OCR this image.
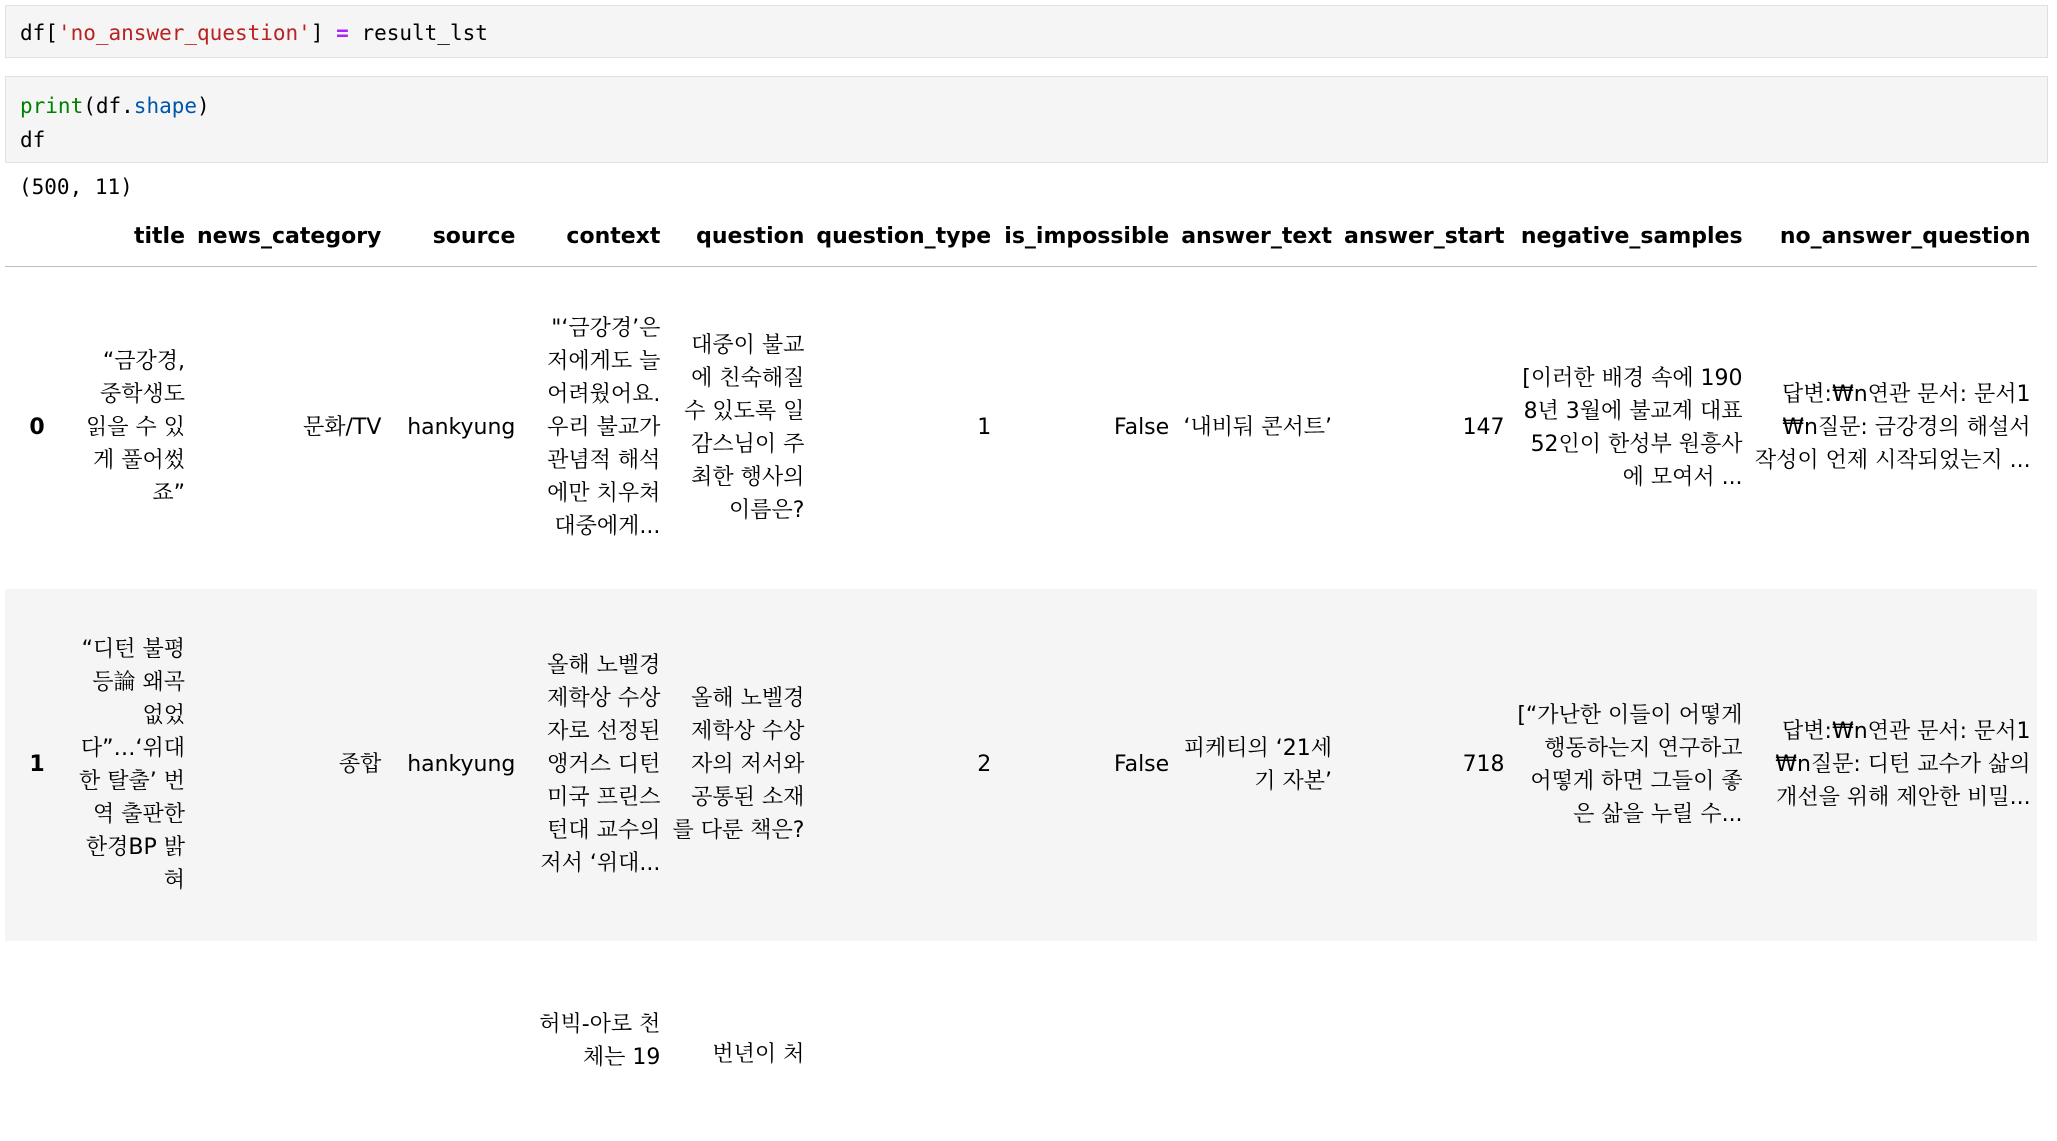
df['no_answer_question'] = result_lst
print(df.shape)
df
(500, 11)
	title	news_category	source	context	question	question_type	is_impossible	answer_text	answer_start	negative_samples	no_answer_question
0	“금강경, 중학생도 읽을 수 있게 풀어썼죠”	문화/TV	hankyung	"‘금강경’은 저에게도 늘 어려웠어요. 우리 불교가 관념적 해석에만 치우쳐 대중에게...	대중이 불교에 친숙해질 수 있도록 일감스님이 주최한 행사의 이름은?	1	False	‘내비둬 콘서트’	147	[이러한 배경 속에 1908년 3월에 불교계 대표 52인이 한성부 원흥사에 모여서 ...	답변:₩n연관 문서: 문서1 ₩n질문: 금강경의 해설서 작성이 언제 시작되었는지 ...
1	“디턴 불평등論 왜곡 없었다”…‘위대한 탈출’ 번역 출판한 한경BP 밝혀	종합	hankyung	올해 노벨경제학상 수상자로 선정된 앵거스 디턴 미국 프린스턴대 교수의 저서 ‘위대...	올해 노벨경제학상 수상자의 저서와 공통된 소재를 다룬 책은?	2	False	피케티의 ‘21세기 자본’	718	[“가난한 이들이 어떻게 행동하는지 연구하고 어떻게 하면 그들이 좋은 삶을 누릴 수...	답변:₩n연관 문서: 문서1 ₩n질문: 디턴 교수가 삶의 개선을 위해 제안한 비밀...
				허빅-아로 천체는 19	번년이 처						
